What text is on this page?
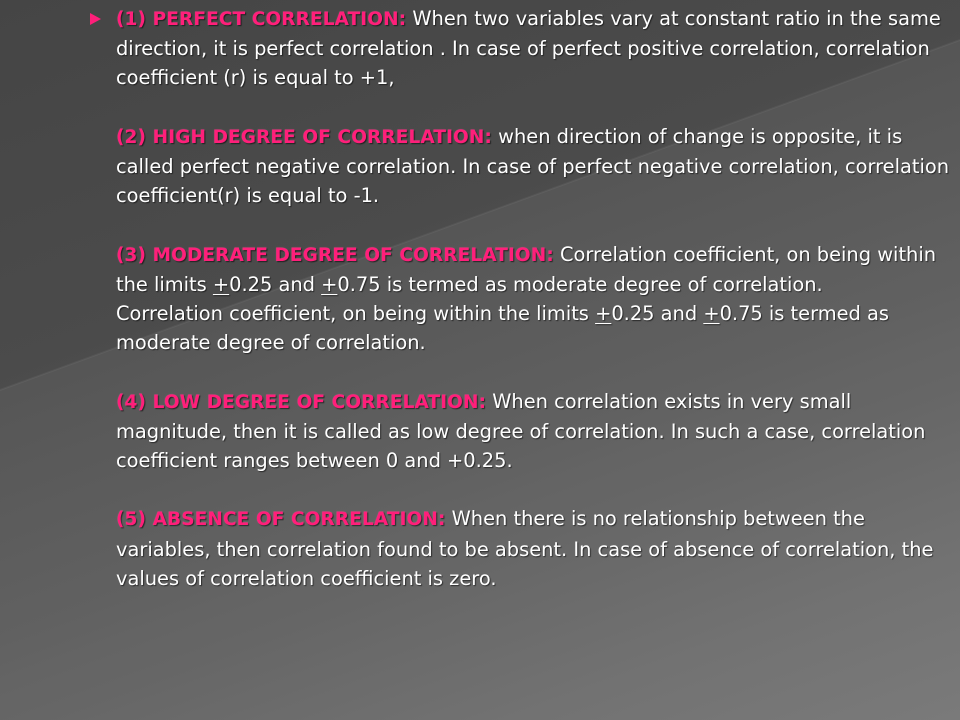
(1) PERFECT CORRELATION: When two variables vary at constant ratio in the same direction, it is perfect correlation . In case of perfect positive correlation, correlation coefficient (r) is equal to +1,

(2) HIGH DEGREE OF CORRELATION: when direction of change is opposite, it is called perfect negative correlation. In case of perfect negative correlation, correlation coefficient(r) is equal to -1.

(3) MODERATE DEGREE OF CORRELATION: Correlation coefficient, on being within the limits +0.25 and +0.75 is termed as moderate degree of correlation.

Correlation coefficient, on being within the limits +0.25 and +0.75 is termed as moderate degree of correlation.

(4) LOW DEGREE OF CORRELATION: When correlation exists in very small magnitude, then it is called as low degree of correlation. In such a case, correlation coefficient ranges between 0 and +0.25.

(5) ABSENCE OF CORRELATION: When there is no relationship between the variables, then correlation found to be absent. In case of absence of correlation, the values of correlation coefficient is zero.
